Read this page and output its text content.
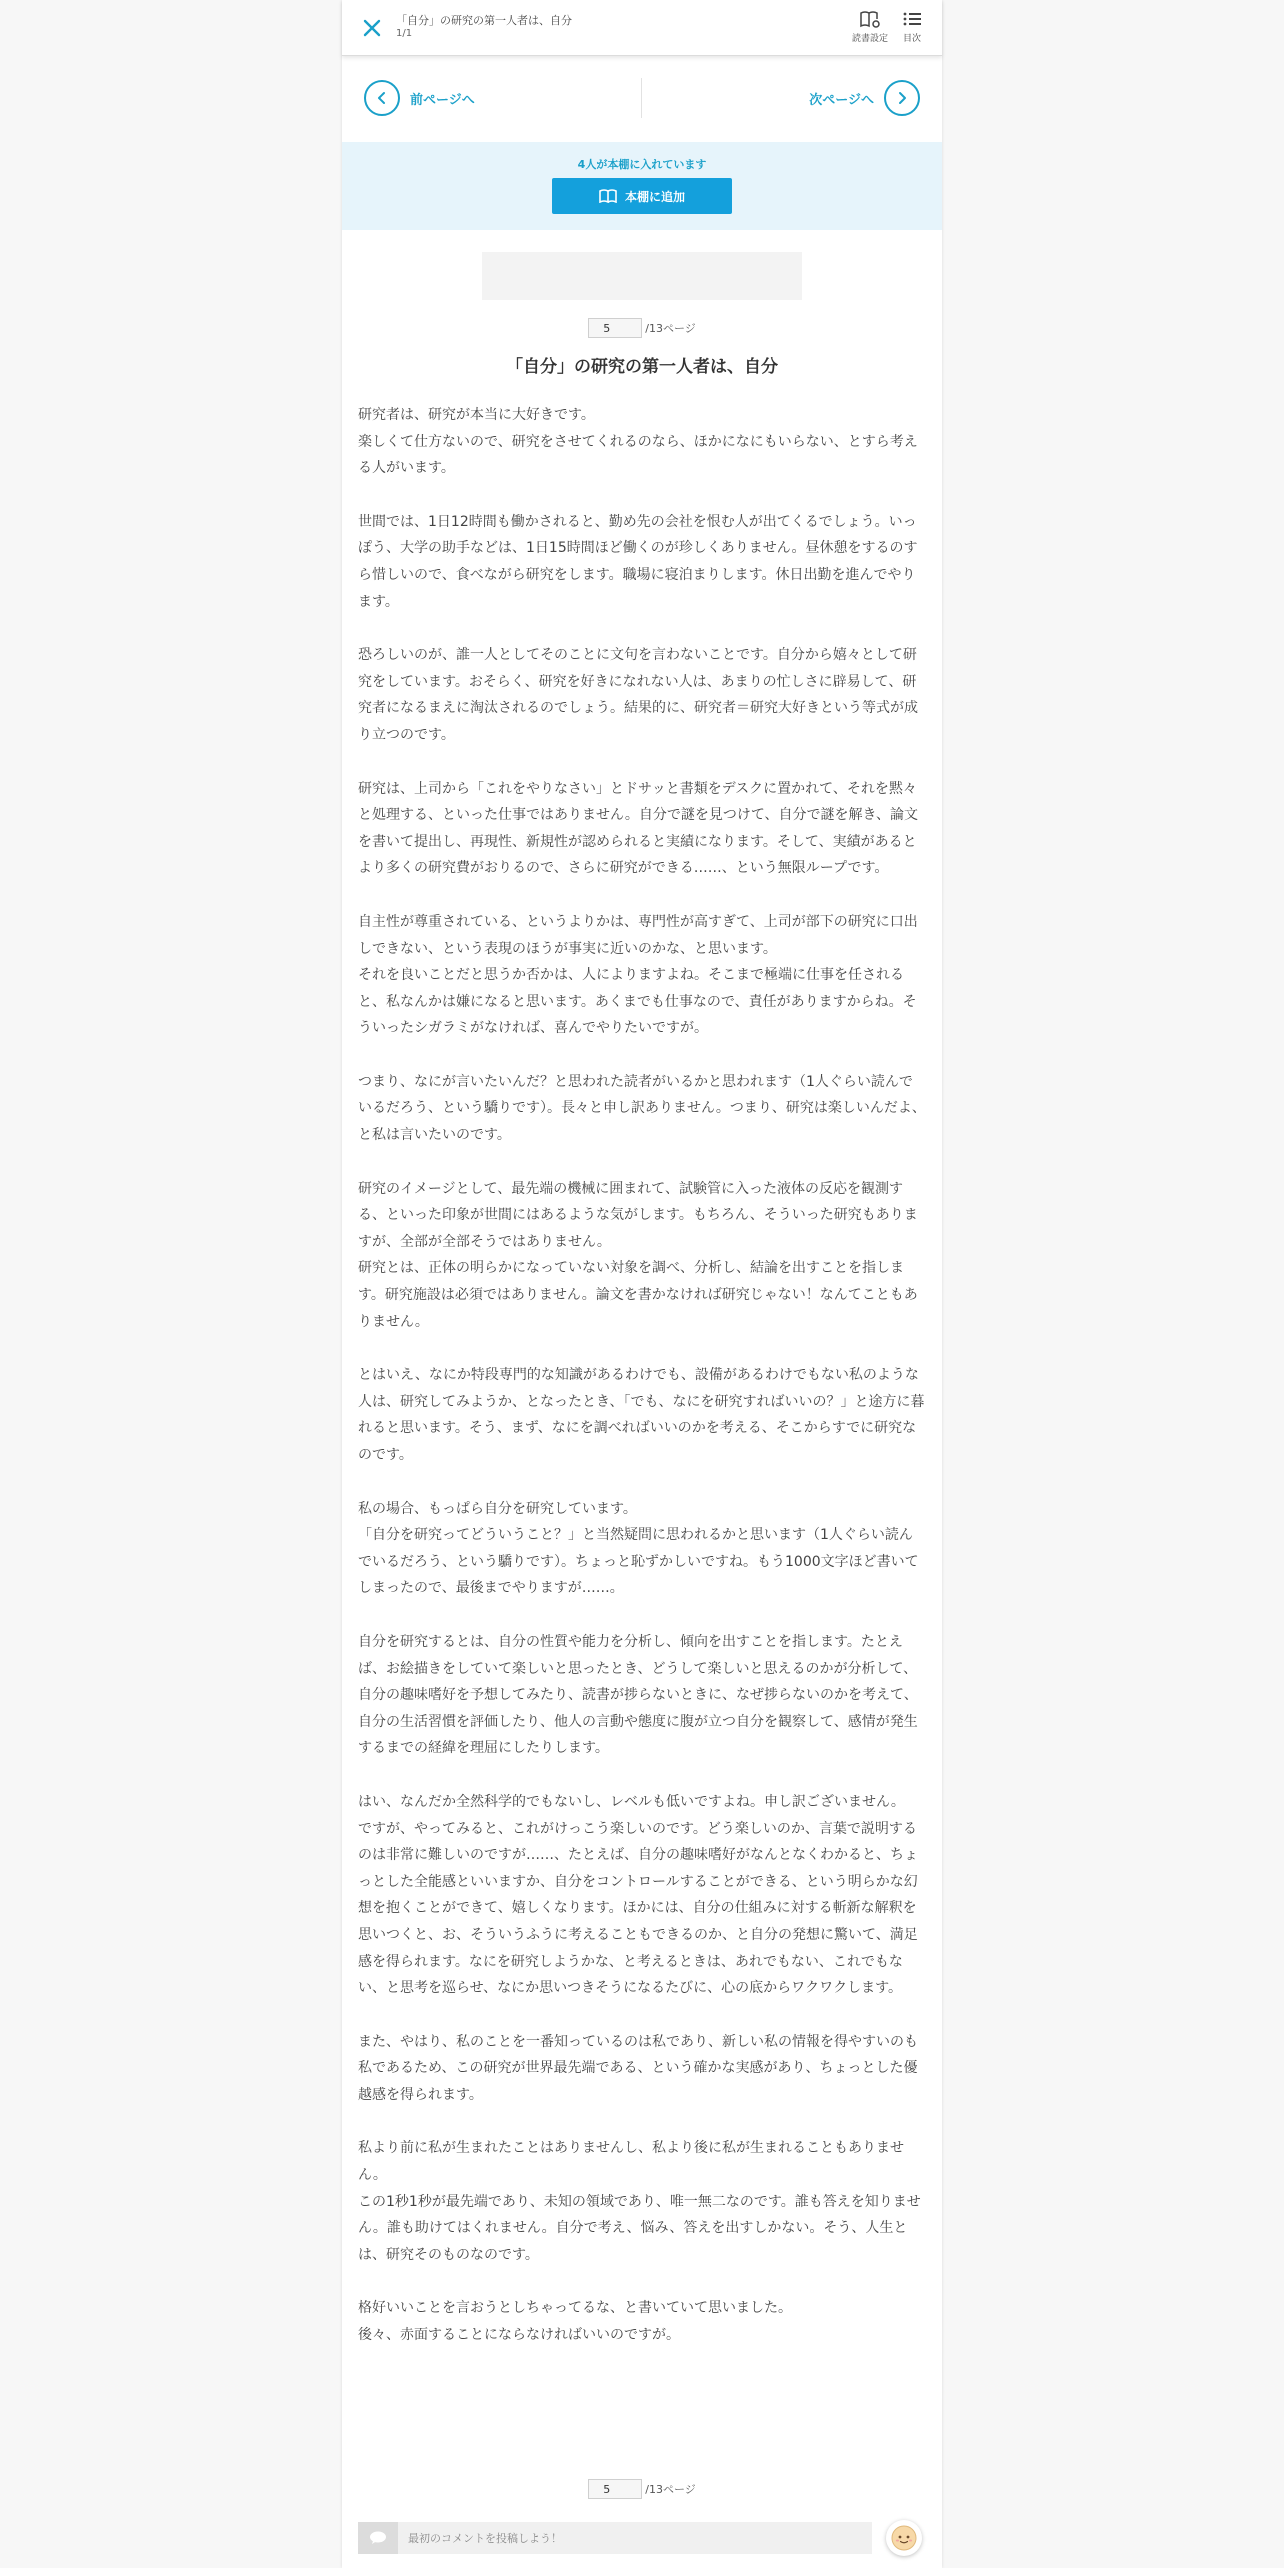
「自分」の研究の第一人者は、自分
1/1	読書設定 目次
前ページへ	次ページへ
4人が本棚に入れています
本棚に追加
5
/13ページ
「自分」の研究の第一人者は、自分

研究者は、研究が本当に大好きです。
楽しくて仕方ないので、研究をさせてくれるのなら、ほかになにもいらない、とすら考える人がいます。

世間では、1日12時間も働かされると、勤め先の会社を恨む人が出てくるでしょう。いっぽう、大学の助手などは、1日15時間ほど働くのが珍しくありません。昼休憩をするのすら惜しいので、食べながら研究をします。職場に寝泊まりします。休日出勤を進んでやります。

恐ろしいのが、誰一人としてそのことに文句を言わないことです。自分から嬉々として研究をしています。おそらく、研究を好きになれない人は、あまりの忙しさに辟易して、研究者になるまえに淘汰されるのでしょう。結果的に、研究者＝研究大好きという等式が成り立つのです。

研究は、上司から「これをやりなさい」とドサッと書類をデスクに置かれて、それを黙々と処理する、といった仕事ではありません。自分で謎を見つけて、自分で謎を解き、論文を書いて提出し、再現性、新規性が認められると実績になります。そして、実績があるとより多くの研究費がおりるので、さらに研究ができる……、という無限ループです。

自主性が尊重されている、というよりかは、専門性が高すぎて、上司が部下の研究に口出しできない、という表現のほうが事実に近いのかな、と思います。
それを良いことだと思うか否かは、人によりますよね。そこまで極端に仕事を任されると、私なんかは嫌になると思います。あくまでも仕事なので、責任がありますからね。そういったシガラミがなければ、喜んでやりたいですが。

つまり、なにが言いたいんだ？と思われた読者がいるかと思われます（1人ぐらい読んでいるだろう、という驕りです）。長々と申し訳ありません。つまり、研究は楽しいんだよ、と私は言いたいのです。

研究のイメージとして、最先端の機械に囲まれて、試験管に入った液体の反応を観測する、といった印象が世間にはあるような気がします。もちろん、そういった研究もありますが、全部が全部そうではありません。
研究とは、正体の明らかになっていない対象を調べ、分析し、結論を出すことを指します。研究施設は必須ではありません。論文を書かなければ研究じゃない！なんてこともありません。

とはいえ、なにか特段専門的な知識があるわけでも、設備があるわけでもない私のような人は、研究してみようか、となったとき、「でも、なにを研究すればいいの？」と途方に暮れると思います。そう、まず、なにを調べればいいのかを考える、そこからすでに研究なのです。

私の場合、もっぱら自分を研究しています。
「自分を研究ってどういうこと？」と当然疑問に思われるかと思います（1人ぐらい読んでいるだろう、という驕りです）。ちょっと恥ずかしいですね。もう1000文字ほど書いてしまったので、最後までやりますが……。

自分を研究するとは、自分の性質や能力を分析し、傾向を出すことを指します。たとえば、お絵描きをしていて楽しいと思ったとき、どうして楽しいと思えるのかが分析して、自分の趣味嗜好を予想してみたり、読書が捗らないときに、なぜ捗らないのかを考えて、自分の生活習慣を評価したり、他人の言動や態度に腹が立つ自分を観察して、感情が発生するまでの経緯を理屈にしたりします。

はい、なんだか全然科学的でもないし、レベルも低いですよね。申し訳ございません。
ですが、やってみると、これがけっこう楽しいのです。どう楽しいのか、言葉で説明するのは非常に難しいのですが……、たとえば、自分の趣味嗜好がなんとなくわかると、ちょっとした全能感といいますか、自分をコントロールすることができる、という明らかな幻想を抱くことができて、嬉しくなります。ほかには、自分の仕組みに対する斬新な解釈を思いつくと、お、そういうふうに考えることもできるのか、と自分の発想に驚いて、満足感を得られます。なにを研究しようかな、と考えるときは、あれでもない、これでもない、と思考を巡らせ、なにか思いつきそうになるたびに、心の底からワクワクします。

また、やはり、私のことを一番知っているのは私であり、新しい私の情報を得やすいのも私であるため、この研究が世界最先端である、という確かな実感があり、ちょっとした優越感を得られます。

私より前に私が生まれたことはありませんし、私より後に私が生まれることもありません。
この1秒1秒が最先端であり、未知の領域であり、唯一無二なのです。誰も答えを知りません。誰も助けてはくれません。自分で考え、悩み、答えを出すしかない。そう、人生とは、研究そのものなのです。

格好いいことを言おうとしちゃってるな、と書いていて思いました。
後々、赤面することにならなければいいのですが。

5
/13ページ
最初のコメントを投稿しよう！
